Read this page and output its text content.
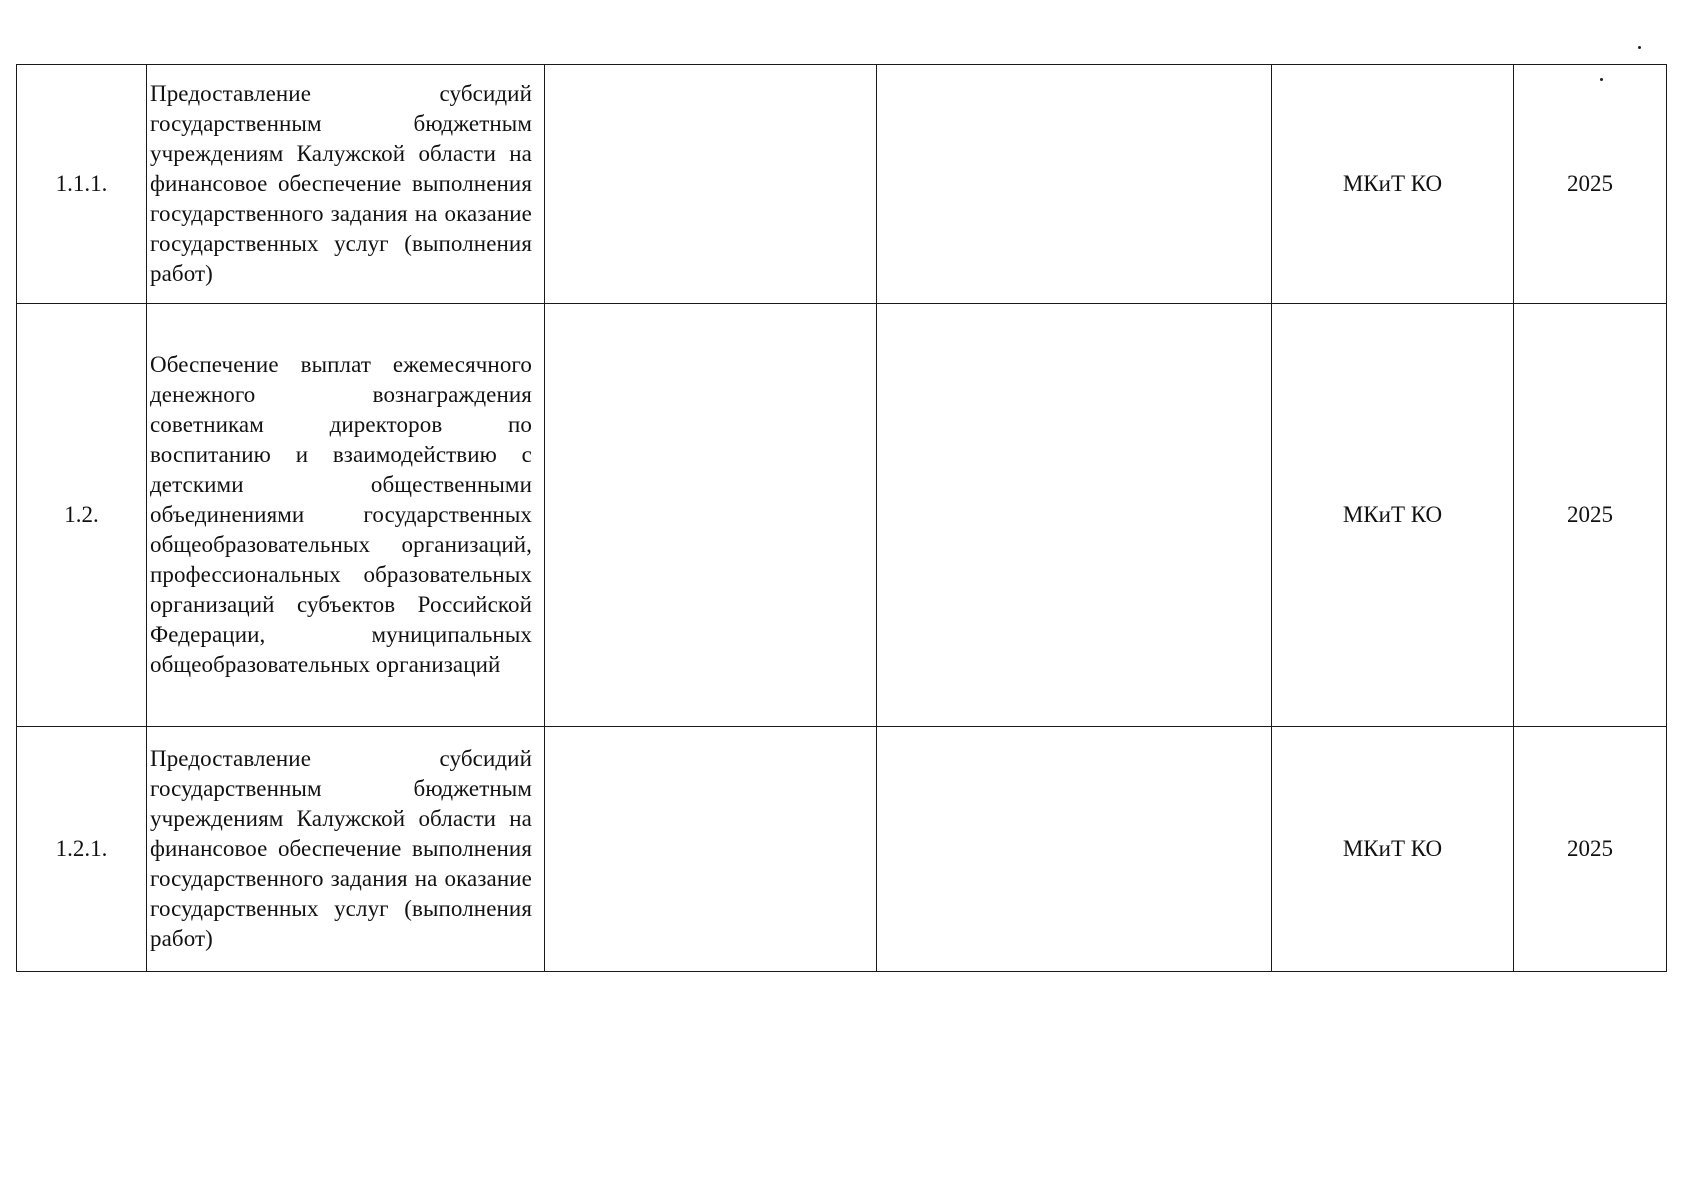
1.1.1.	Предоставление субсидий государственным бюджетным учреждениям Калужской области на финансовое обеспечение выполнения государственного задания на оказание государственных услуг (выполнения работ)			МКиТ КО	2025
1.2.	Обеспечение выплат ежемесячного денежного вознаграждения советникам директоров по воспитанию и взаимодействию с детскими общественными объединениями государственных общеобразовательных организаций, профессиональных образовательных организаций субъектов Российской Федерации, муниципальных общеобразовательных организаций			МКиТ КО	2025
1.2.1.	Предоставление субсидий государственным бюджетным учреждениям Калужской области на финансовое обеспечение выполнения государственного задания на оказание государственных услуг (выполнения работ)			МКиТ КО	2025
